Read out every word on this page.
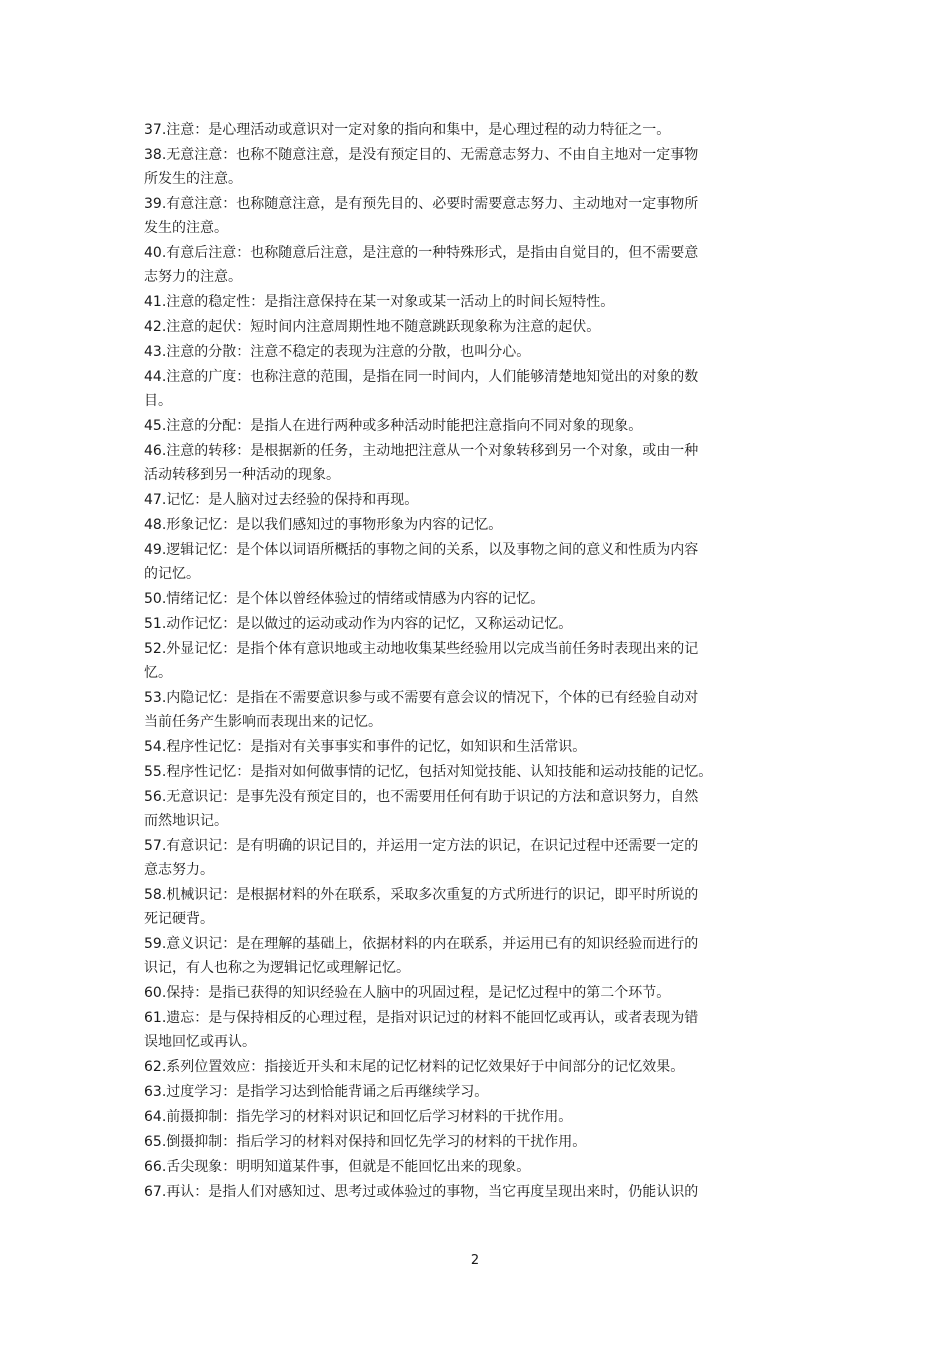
37.注意：是心理活动或意识对一定对象的指向和集中，是心理过程的动力特征之一。

38.无意注意：也称不随意注意，是没有预定目的、无需意志努力、不由自主地对一定事物
所发生的注意。

39.有意注意：也称随意注意，是有预先目的、必要时需要意志努力、主动地对一定事物所
发生的注意。

40.有意后注意：也称随意后注意，是注意的一种特殊形式，是指由自觉目的，但不需要意
志努力的注意。

41.注意的稳定性：是指注意保持在某一对象或某一活动上的时间长短特性。

42.注意的起伏：短时间内注意周期性地不随意跳跃现象称为注意的起伏。

43.注意的分散：注意不稳定的表现为注意的分散，也叫分心。

44.注意的广度：也称注意的范围，是指在同一时间内，人们能够清楚地知觉出的对象的数
目。

45.注意的分配：是指人在进行两种或多种活动时能把注意指向不同对象的现象。

46.注意的转移：是根据新的任务，主动地把注意从一个对象转移到另一个对象，或由一种
活动转移到另一种活动的现象。

47.记忆：是人脑对过去经验的保持和再现。

48.形象记忆：是以我们感知过的事物形象为内容的记忆。

49.逻辑记忆：是个体以词语所概括的事物之间的关系，以及事物之间的意义和性质为内容
的记忆。

50.情绪记忆：是个体以曾经体验过的情绪或情感为内容的记忆。

51.动作记忆：是以做过的运动或动作为内容的记忆，又称运动记忆。

52.外显记忆：是指个体有意识地或主动地收集某些经验用以完成当前任务时表现出来的记
忆。

53.内隐记忆：是指在不需要意识参与或不需要有意会议的情况下，个体的已有经验自动对
当前任务产生影响而表现出来的记忆。

54.程序性记忆：是指对有关事事实和事件的记忆，如知识和生活常识。

55.程序性记忆：是指对如何做事情的记忆，包括对知觉技能、认知技能和运动技能的记忆。

56.无意识记：是事先没有预定目的，也不需要用任何有助于识记的方法和意识努力，自然
而然地识记。

57.有意识记：是有明确的识记目的，并运用一定方法的识记，在识记过程中还需要一定的
意志努力。

58.机械识记：是根据材料的外在联系，采取多次重复的方式所进行的识记，即平时所说的
死记硬背。

59.意义识记：是在理解的基础上，依据材料的内在联系，并运用已有的知识经验而进行的
识记，有人也称之为逻辑记忆或理解记忆。

60.保持：是指已获得的知识经验在人脑中的巩固过程，是记忆过程中的第二个环节。

61.遗忘：是与保持相反的心理过程，是指对识记过的材料不能回忆或再认，或者表现为错
误地回忆或再认。

62.系列位置效应：指接近开头和末尾的记忆材料的记忆效果好于中间部分的记忆效果。

63.过度学习：是指学习达到恰能背诵之后再继续学习。

64.前摄抑制：指先学习的材料对识记和回忆后学习材料的干扰作用。

65.倒摄抑制：指后学习的材料对保持和回忆先学习的材料的干扰作用。

66.舌尖现象：明明知道某件事，但就是不能回忆出来的现象。

67.再认：是指人们对感知过、思考过或体验过的事物，当它再度呈现出来时，仍能认识的

2
